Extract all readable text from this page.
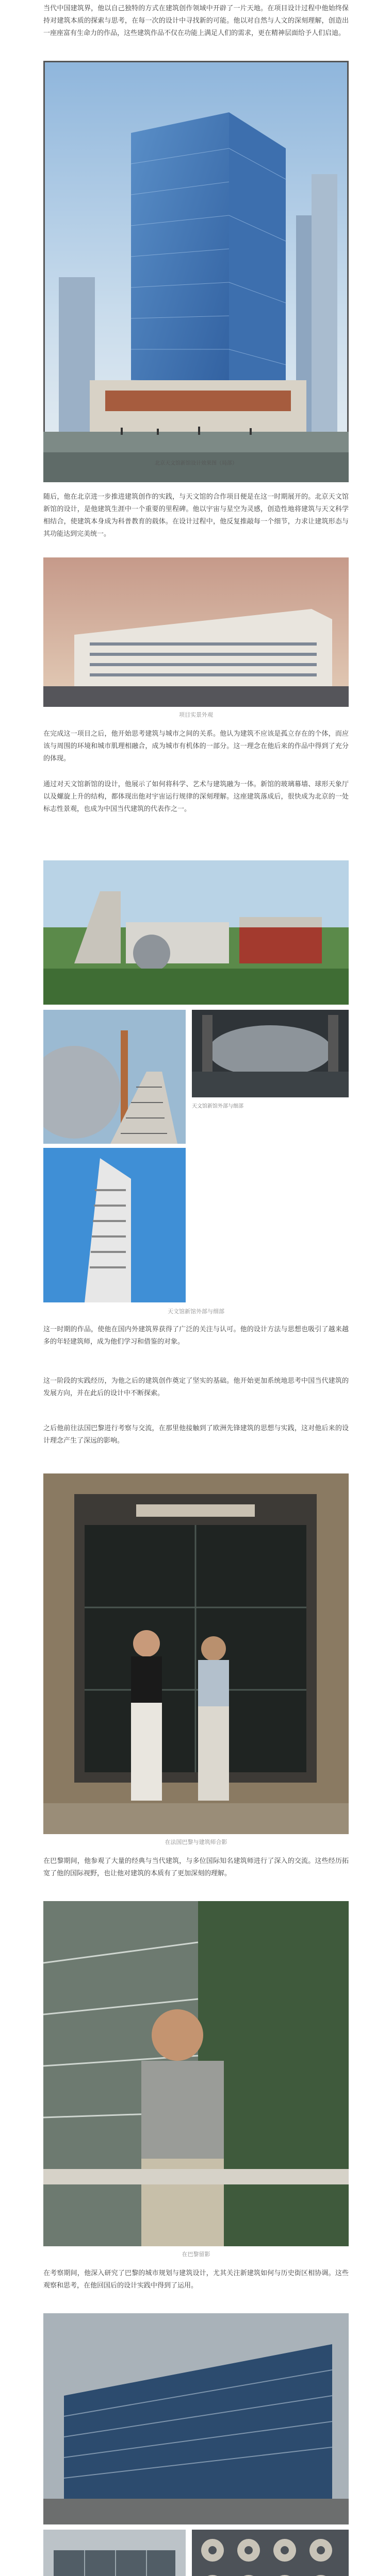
当代中国建筑界，他以自己独特的方式在建筑创作领域中开辟了一片天地。在项目设计过程中他始终保持对建筑本质的探索与思考，在每一次的设计中寻找新的可能。他以对自然与人文的深刻理解，创造出一座座富有生命力的作品，这些建筑作品不仅在功能上满足人们的需求，更在精神层面给予人们启迪。

北京天文馆新馆设计效果图（局部）

随后，他在北京进一步推进建筑创作的实践，与天文馆的合作项目便是在这一时期展开的。北京天文馆新馆的设计，是他建筑生涯中一个重要的里程碑。他以宇宙与星空为灵感，创造性地将建筑与天文科学相结合，使建筑本身成为科普教育的载体。在设计过程中，他反复推敲每一个细节，力求让建筑形态与其功能达到完美统一。

项目实景外观

在完成这一项目之后，他开始思考建筑与城市之间的关系。他认为建筑不应该是孤立存在的个体，而应该与周围的环境和城市肌理相融合，成为城市有机体的一部分。这一理念在他后来的作品中得到了充分的体现。

通过对天文馆新馆的设计，他展示了如何将科学、艺术与建筑融为一体。新馆的玻璃幕墙、球形天象厅以及螺旋上升的结构，都体现出他对宇宙运行规律的深刻理解。这座建筑落成后，很快成为北京的一处标志性景观，也成为中国当代建筑的代表作之一。

天文馆新馆外部与细部

天文馆新馆外部与细部

这一时期的作品，使他在国内外建筑界获得了广泛的关注与认可。他的设计方法与思想也吸引了越来越多的年轻建筑师，成为他们学习和借鉴的对象。

这一阶段的实践经历，为他之后的建筑创作奠定了坚实的基础。他开始更加系统地思考中国当代建筑的发展方向，并在此后的设计中不断探索。

之后他前往法国巴黎进行考察与交流，在那里他接触到了欧洲先锋建筑的思想与实践，这对他后来的设计理念产生了深远的影响。

在法国巴黎与建筑师合影

在巴黎期间，他参观了大量的经典与当代建筑，与多位国际知名建筑师进行了深入的交流。这些经历拓宽了他的国际视野，也让他对建筑的本质有了更加深刻的理解。

在巴黎留影

在考察期间，他深入研究了巴黎的城市规划与建筑设计，尤其关注新建筑如何与历史街区相协调。这些观察和思考，在他回国后的设计实践中得到了运用。
